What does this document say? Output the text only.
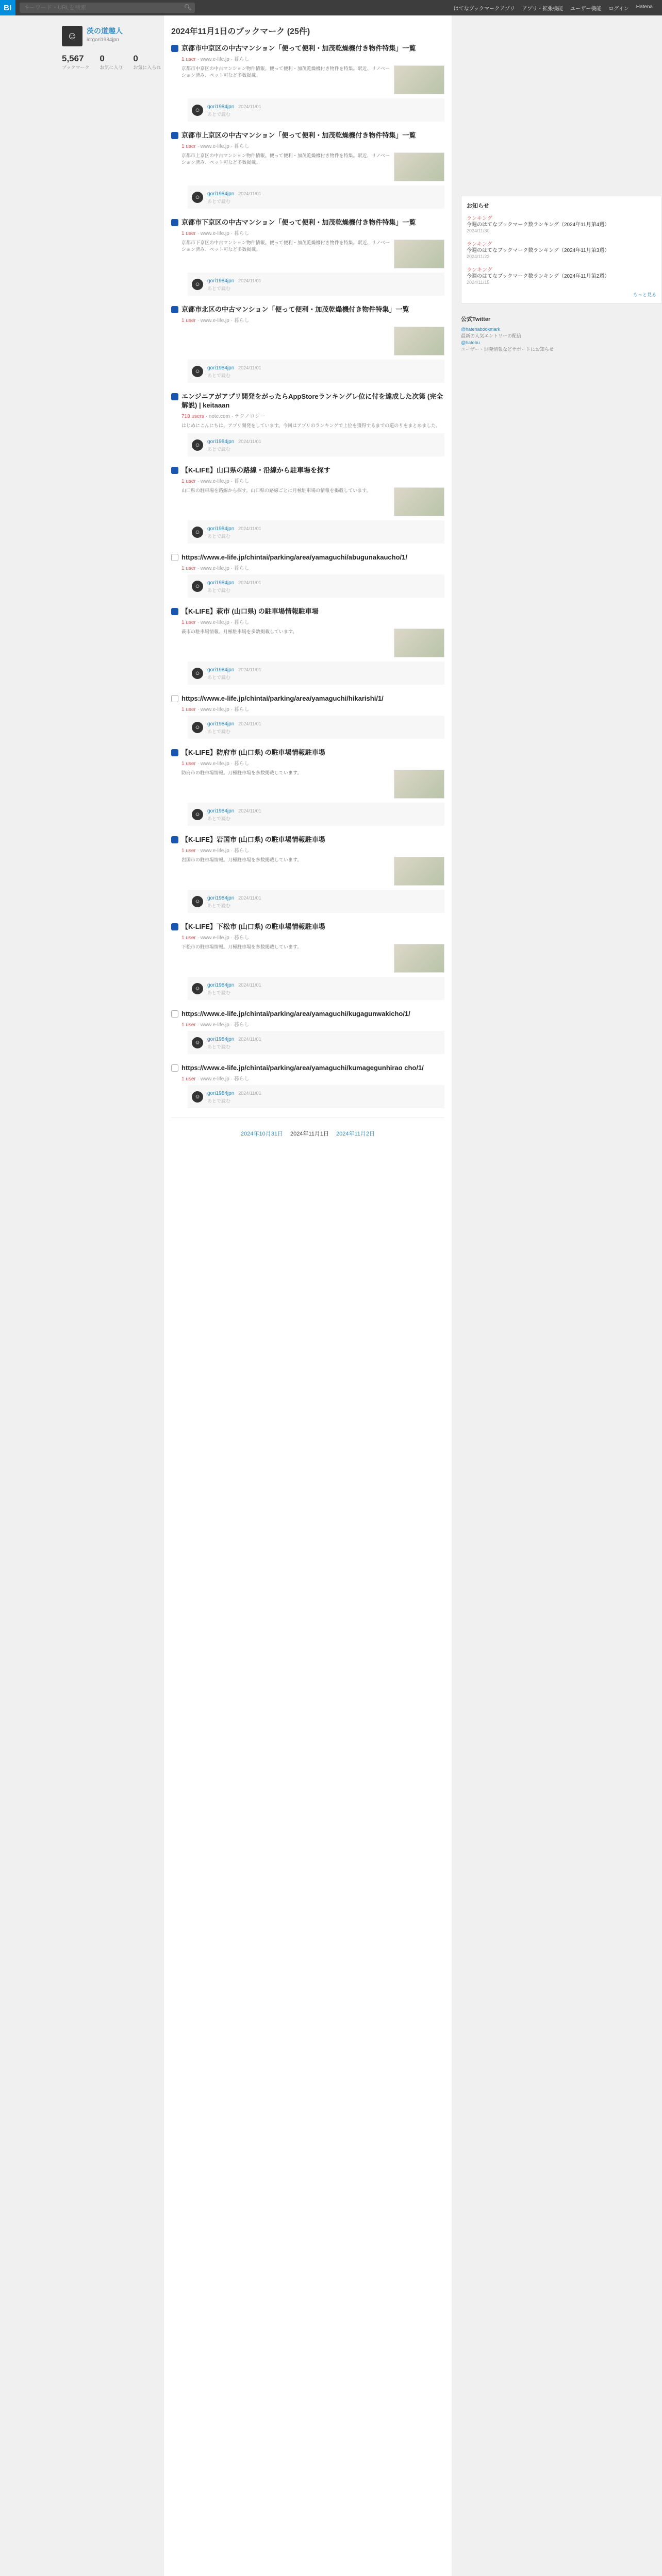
B!
キーワード・URLを検索	🔍︎	はてなブックマークアプリ アプリ・拡張機能 ユーザー機能 ログイン Hatena
☺	茨の道趣人
id:gori1984jpn
5,567
ブックマーク
0
お気に入り
0
お気に入られ
2024年11月1日のブックマーク (25件)
京都市中京区の中古マンション「便って便利・加茂乾燥機付き物件特集」一覧
1 user · www.e-life.jp · 暮らし
京都市中京区の中古マンション物件情報。便って便利・加茂乾燥機付き物件を特集。駅近、リノベーション済み、ペット可など多数掲載。
☺	gori1984jpn 2024/11/01
あとで読む
京都市上京区の中古マンション「便って便利・加茂乾燥機付き物件特集」一覧
1 user · www.e-life.jp · 暮らし
京都市上京区の中古マンション物件情報。便って便利・加茂乾燥機付き物件を特集。駅近、リノベーション済み、ペット可など多数掲載。
☺	gori1984jpn 2024/11/01
あとで読む
京都市下京区の中古マンション「便って便利・加茂乾燥機付き物件特集」一覧
1 user · www.e-life.jp · 暮らし
京都市下京区の中古マンション物件情報。便って便利・加茂乾燥機付き物件を特集。駅近、リノベーション済み、ペット可など多数掲載。
☺	gori1984jpn 2024/11/01
あとで読む
京都市北区の中古マンション「便って便利・加茂乾燥機付き物件特集」一覧
1 user · www.e-life.jp · 暮らし
☺	gori1984jpn 2024/11/01
あとで読む
エンジニアがアプリ開発をがったらAppStoreランキングレ位に付を達成した次第 (完全解説) | keitaaan
718 users · note.com · テクノロジー
はじめにこんにちは、アプリ開発をしています。今回はアプリのランキングで上位を獲得するまでの道のりをまとめました。
☺	gori1984jpn 2024/11/01
あとで読む
【K-LIFE】山口県の路線・沿線から駐車場を探す
1 user · www.e-life.jp · 暮らし
山口県の駐車場を路線から探す。山口県の路線ごとに月極駐車場の情報を掲載しています。
☺	gori1984jpn 2024/11/01
あとで読む
https://www.e-life.jp/chintai/parking/area/yamaguchi/abugunakaucho/1/
1 user · www.e-life.jp · 暮らし
☺	gori1984jpn 2024/11/01
あとで読む
【K-LIFE】萩市 (山口県) の駐車場情報駐車場
1 user · www.e-life.jp · 暮らし
萩市の駐車場情報。月極駐車場を多数掲載しています。
☺	gori1984jpn 2024/11/01
あとで読む
https://www.e-life.jp/chintai/parking/area/yamaguchi/hikarishi/1/
1 user · www.e-life.jp · 暮らし
☺	gori1984jpn 2024/11/01
あとで読む
【K-LIFE】防府市 (山口県) の駐車場情報駐車場
1 user · www.e-life.jp · 暮らし
防府市の駐車場情報。月極駐車場を多数掲載しています。
☺	gori1984jpn 2024/11/01
あとで読む
【K-LIFE】岩国市 (山口県) の駐車場情報駐車場
1 user · www.e-life.jp · 暮らし
岩国市の駐車場情報。月極駐車場を多数掲載しています。
☺	gori1984jpn 2024/11/01
あとで読む
【K-LIFE】下松市 (山口県) の駐車場情報駐車場
1 user · www.e-life.jp · 暮らし
下松市の駐車場情報。月極駐車場を多数掲載しています。
☺	gori1984jpn 2024/11/01
あとで読む
https://www.e-life.jp/chintai/parking/area/yamaguchi/kugagunwakicho/1/
1 user · www.e-life.jp · 暮らし
☺	gori1984jpn 2024/11/01
あとで読む
https://www.e-life.jp/chintai/parking/area/yamaguchi/kumagegunhirao cho/1/
1 user · www.e-life.jp · 暮らし
☺	gori1984jpn 2024/11/01
あとで読む
2024年10月31日 2024年11月1日 2024年11月2日
お知らせ
ランキング
今週のはてなブックマーク数ランキング（2024年11月第4週）
2024/11/30
ランキング
今週のはてなブックマーク数ランキング（2024年11月第3週）
2024/11/22
ランキング
今週のはてなブックマーク数ランキング（2024年11月第2週）
2024/11/15
もっと見る
公式Twitter
@hatenabookmark
最新の人気エントリーの配信
@hatebu
ユーザー・開発情報などサポートにお知らせ
